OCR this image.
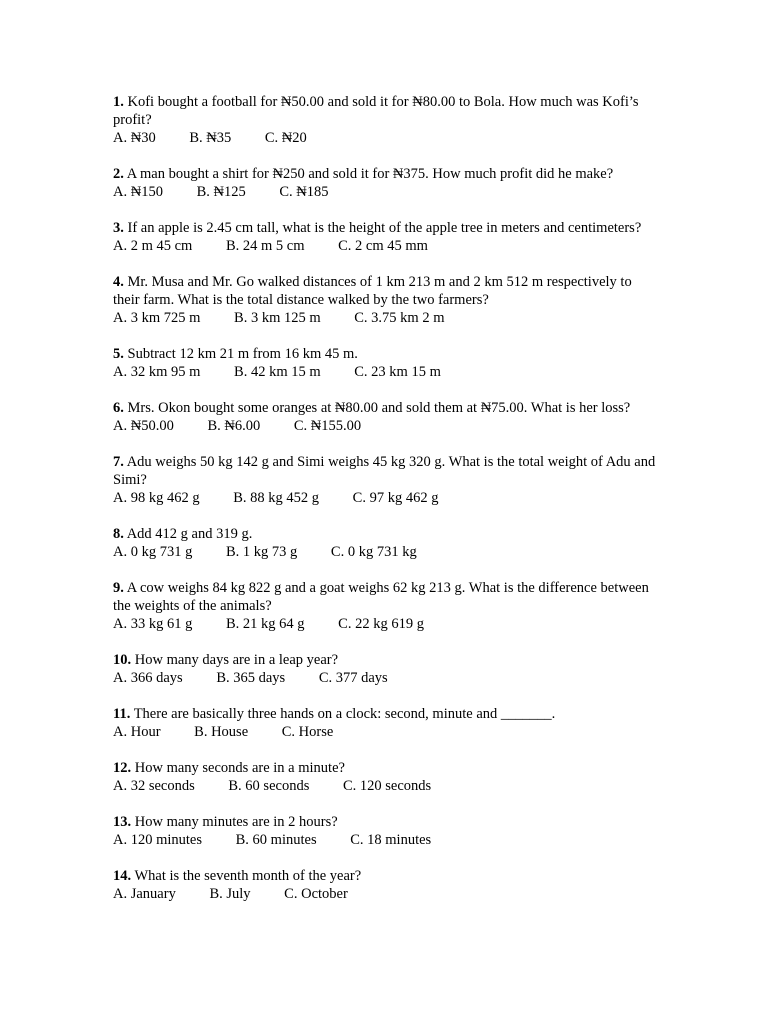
1. Kofi bought a football for ₦50.00 and sold it for ₦80.00 to Bola. How much was Kofi’s profit?
A. ₦30 B. ₦35 C. ₦20
2. A man bought a shirt for ₦250 and sold it for ₦375. How much profit did he make?
A. ₦150 B. ₦125 C. ₦185
3. If an apple is 2.45 cm tall, what is the height of the apple tree in meters and centimeters?
A. 2 m 45 cm B. 24 m 5 cm C. 2 cm 45 mm
4. Mr. Musa and Mr. Go walked distances of 1 km 213 m and 2 km 512 m respectively to their farm. What is the total distance walked by the two farmers?
A. 3 km 725 m B. 3 km 125 m C. 3.75 km 2 m
5. Subtract 12 km 21 m from 16 km 45 m.
A. 32 km 95 m B. 42 km 15 m C. 23 km 15 m
6. Mrs. Okon bought some oranges at ₦80.00 and sold them at ₦75.00. What is her loss?
A. ₦50.00 B. ₦6.00 C. ₦155.00
7. Adu weighs 50 kg 142 g and Simi weighs 45 kg 320 g. What is the total weight of Adu and Simi?
A. 98 kg 462 g B. 88 kg 452 g C. 97 kg 462 g
8. Add 412 g and 319 g.
A. 0 kg 731 g B. 1 kg 73 g C. 0 kg 731 kg
9. A cow weighs 84 kg 822 g and a goat weighs 62 kg 213 g. What is the difference between the weights of the animals?
A. 33 kg 61 g B. 21 kg 64 g C. 22 kg 619 g
10. How many days are in a leap year?
A. 366 days B. 365 days C. 377 days
11. There are basically three hands on a clock: second, minute and _______.
A. Hour B. House C. Horse
12. How many seconds are in a minute?
A. 32 seconds B. 60 seconds C. 120 seconds
13. How many minutes are in 2 hours?
A. 120 minutes B. 60 minutes C. 18 minutes
14. What is the seventh month of the year?
A. January B. July C. October
